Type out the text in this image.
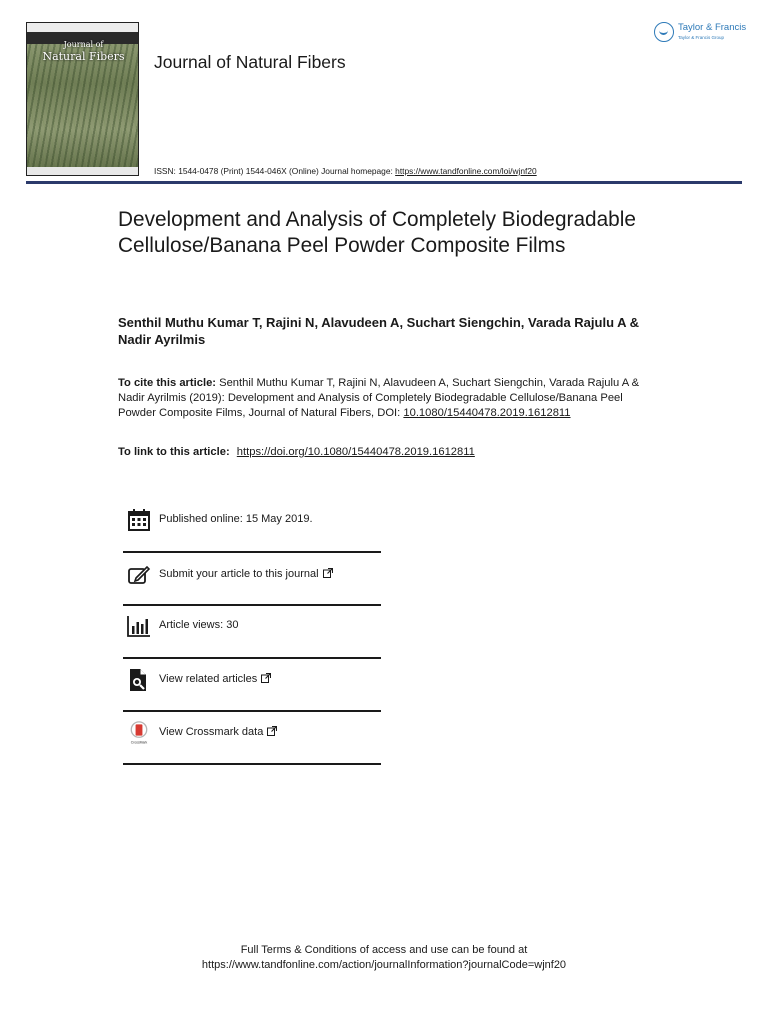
Journal of
Natural Fibers	Journal of Natural Fibers
Taylor & Francis
Taylor & Francis Group
ISSN: 1544-0478 (Print) 1544-046X (Online) Journal homepage: https://www.tandfonline.com/loi/wjnf20
Development and Analysis of Completely Biodegradable Cellulose/Banana Peel Powder Composite Films
Senthil Muthu Kumar T, Rajini N, Alavudeen A, Suchart Siengchin, Varada Rajulu A & Nadir Ayrilmis
To cite this article: Senthil Muthu Kumar T, Rajini N, Alavudeen A, Suchart Siengchin, Varada Rajulu A & Nadir Ayrilmis (2019): Development and Analysis of Completely Biodegradable Cellulose/Banana Peel Powder Composite Films, Journal of Natural Fibers, DOI: 10.1080/15440478.2019.1612811
To link to this article: https://doi.org/10.1080/15440478.2019.1612811
Published online: 15 May 2019.
Submit your article to this journal
Article views: 30
View related articles
CrossMark
View Crossmark data
Full Terms & Conditions of access and use can be found at
https://www.tandfonline.com/action/journalInformation?journalCode=wjnf20
